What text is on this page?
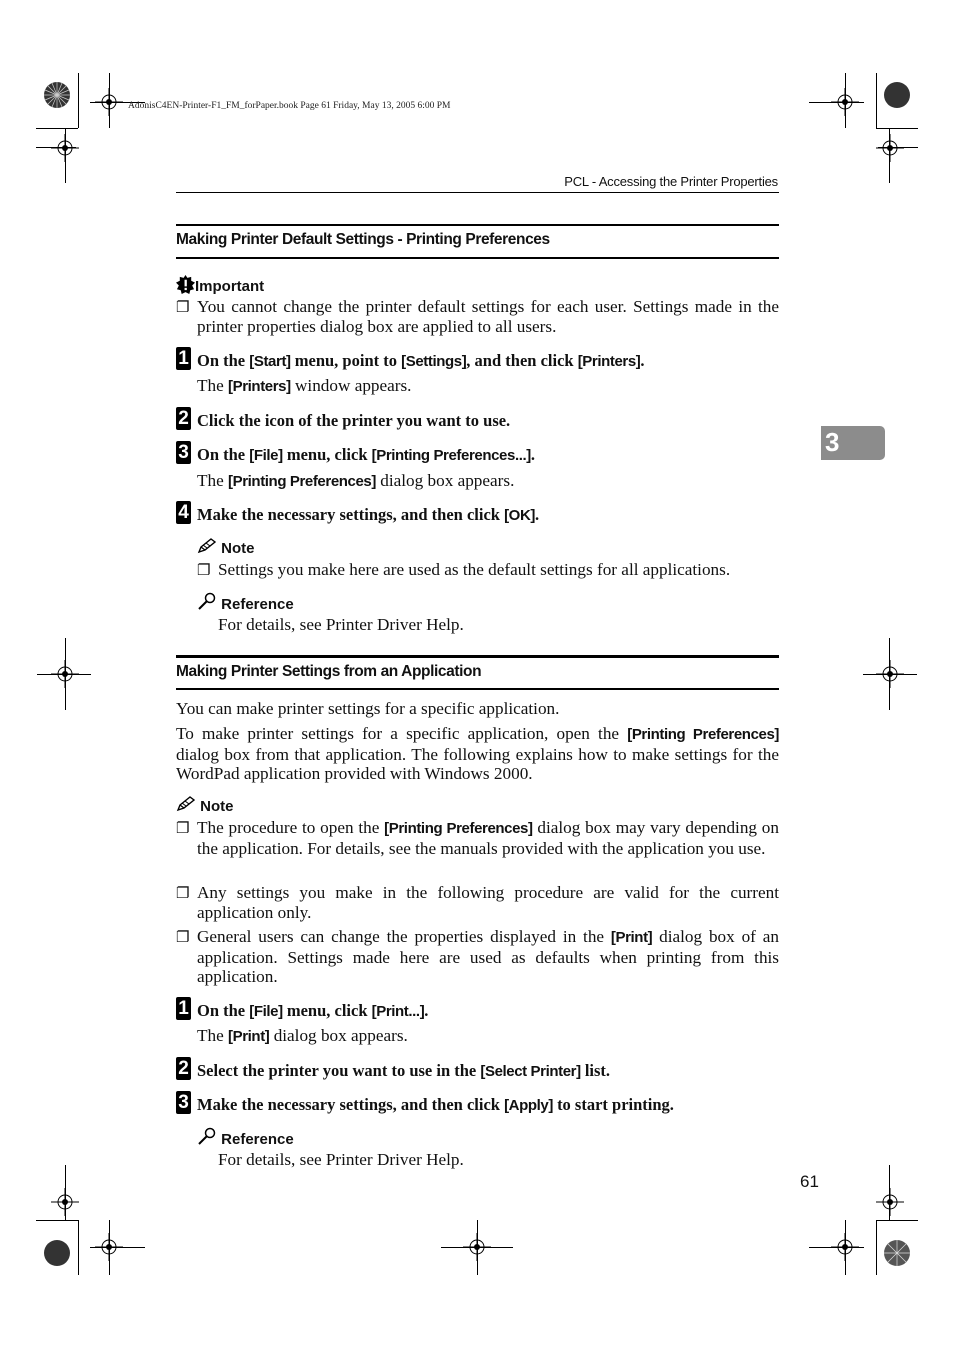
AdonisC4EN-Printer-F1_FM_forPaper.book Page 61 Friday, May 13, 2005 6:00 PM
PCL - Accessing the Printer Properties
3
Making Printer Default Settings - Printing Preferences
Important
❐ You cannot change the printer default settings for each user. Settings made in the printer properties dialog box are applied to all users.
1 On the [Start] menu, point to [Settings], and then click [Printers].
The [Printers] window appears.
2 Click the icon of the printer you want to use.
3 On the [File] menu, click [Printing Preferences...].
The [Printing Preferences] dialog box appears.
4 Make the necessary settings, and then click [OK].
Note
❐ Settings you make here are used as the default settings for all applications.
Reference
For details, see Printer Driver Help.
Making Printer Settings from an Application
You can make printer settings for a specific application.
To make printer settings for a specific application, open the [Printing Preferences] dialog box from that application. The following explains how to make settings for the WordPad application provided with Windows 2000.
Note
❐ The procedure to open the [Printing Preferences] dialog box may vary depending on the application. For details, see the manuals provided with the application you use.
❐ Any settings you make in the following procedure are valid for the current application only.
❐ General users can change the properties displayed in the [Print] dialog box of an application. Settings made here are used as defaults when printing from this application.
1 On the [File] menu, click [Print...].
The [Print] dialog box appears.
2 Select the printer you want to use in the [Select Printer] list.
3 Make the necessary settings, and then click [Apply] to start printing.
Reference
For details, see Printer Driver Help.
61
